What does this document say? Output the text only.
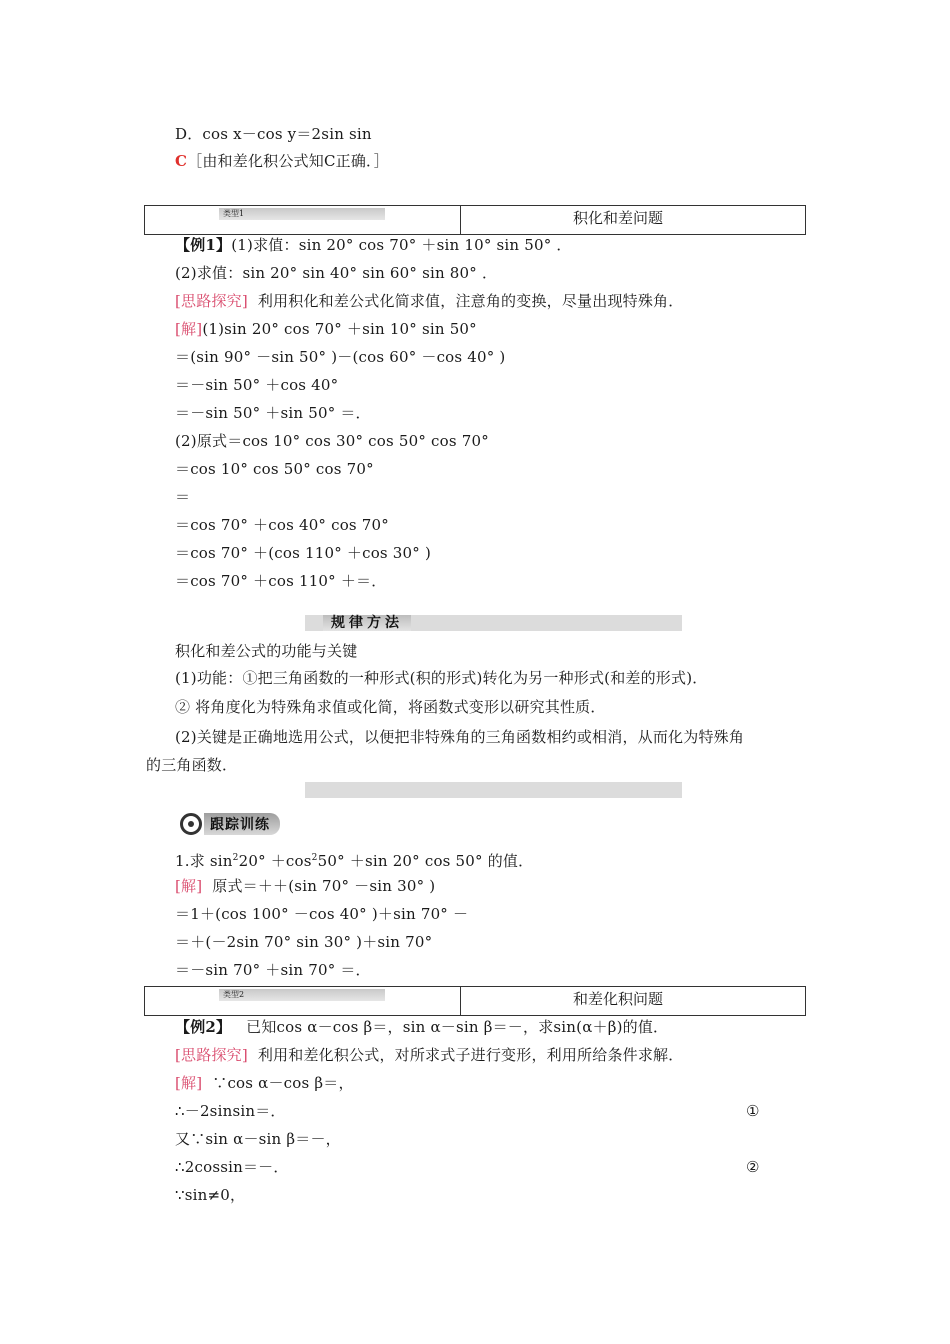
D．cos x－cos y＝2sin sin
C［由和差化积公式知C正确．］
类型1	积化和差问题
【例1】(1)求值：sin 20° cos 70° ＋sin 10° sin 50° ．
(2)求值：sin 20° sin 40° sin 60° sin 80° ．
[思路探究]  利用积化和差公式化简求值，注意角的变换，尽量出现特殊角．
[解](1)sin 20° cos 70° ＋sin 10° sin 50°
＝(sin 90° －sin 50° )－(cos 60° －cos 40° )
＝－sin 50° ＋cos 40°
＝－sin 50° ＋sin 50° ＝．
(2)原式＝cos 10° cos 30° cos 50° cos 70°
＝cos 10° cos 50° cos 70°
＝
＝cos 70° ＋cos 40° cos 70°
＝cos 70° ＋(cos 110° ＋cos 30° )
＝cos 70° ＋cos 110° ＋＝．
规律方法
积化和差公式的功能与关键
(1)功能：①把三角函数的一种形式(积的形式)转化为另一种形式(和差的形式)．
② 将角度化为特殊角求值或化简，将函数式变形以研究其性质．
(2)关键是正确地选用公式，以便把非特殊角的三角函数相约或相消，从而化为特殊角
的三角函数．
跟踪训练
1.求 $\sin^220^\circ +\cos^250^\circ +\sin$ 20° cos 50° 的值．
[解]  原式＝＋＋(sin 70° －sin 30° )
＝1＋(cos 100° －cos 40° )＋sin 70° －
＝＋(－2sin 70° sin 30° )＋sin 70°
＝－sin 70° ＋sin 70° ＝．
类型2	和差化积问题
【例2】   已知cos α－cos β＝，sin α－sin β＝－，求sin(α＋β)的值．
[思路探究]  利用和差化积公式，对所求式子进行变形，利用所给条件求解．
[解]  ∵cos α－cos β＝，
∴－2sinsin＝．	①
又∵sin α－sin β＝－，
∴2cossin＝－．	②
∵sin≠0，
